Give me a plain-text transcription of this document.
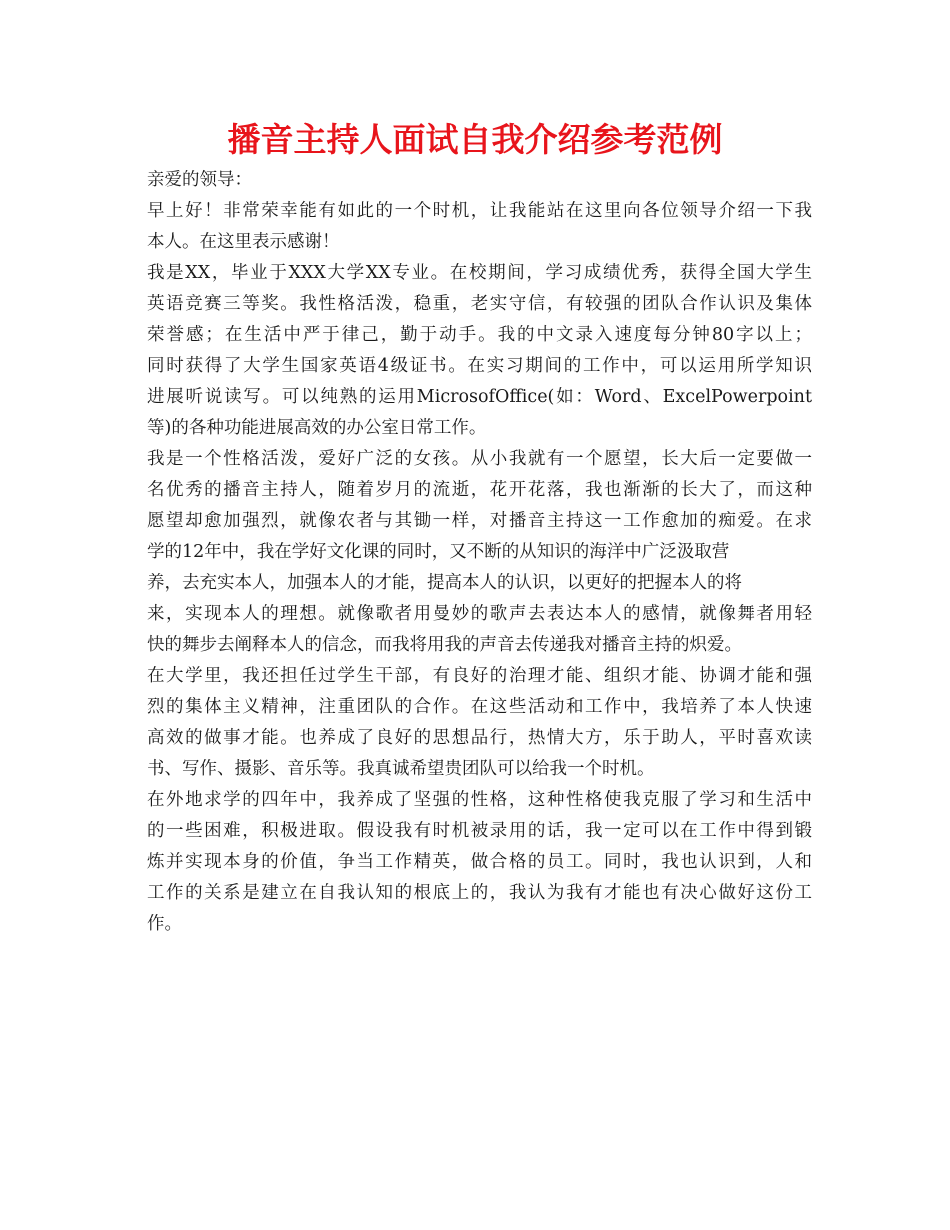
播音主持人面试自我介绍参考范例
亲爱的领导：
早上好！非常荣幸能有如此的一个时机，让我能站在这里向各位领导介绍一下我
本人。在这里表示感谢！
我是XX，毕业于XXX大学XX专业。在校期间，学习成绩优秀，获得全国大学生
英语竞赛三等奖。我性格活泼，稳重，老实守信，有较强的团队合作认识及集体
荣誉感；在生活中严于律己，勤于动手。我的中文录入速度每分钟80字以上；
同时获得了大学生国家英语4级证书。在实习期间的工作中，可以运用所学知识
进展听说读写。可以纯熟的运用MicrosofOffice(如：Word、ExcelPowerpoint
等)的各种功能进展高效的办公室日常工作。
我是一个性格活泼，爱好广泛的女孩。从小我就有一个愿望，长大后一定要做一
名优秀的播音主持人，随着岁月的流逝，花开花落，我也渐渐的长大了，而这种
愿望却愈加强烈，就像农者与其锄一样，对播音主持这一工作愈加的痴爱。在求
学的12年中，我在学好文化课的同时，又不断的从知识的海洋中广泛汲取营
养，去充实本人，加强本人的才能，提高本人的认识，以更好的把握本人的将
来，实现本人的理想。就像歌者用曼妙的歌声去表达本人的感情，就像舞者用轻
快的舞步去阐释本人的信念，而我将用我的声音去传递我对播音主持的炽爱。
在大学里，我还担任过学生干部，有良好的治理才能、组织才能、协调才能和强
烈的集体主义精神，注重团队的合作。在这些活动和工作中，我培养了本人快速
高效的做事才能。也养成了良好的思想品行，热情大方，乐于助人，平时喜欢读
书、写作、摄影、音乐等。我真诚希望贵团队可以给我一个时机。
在外地求学的四年中，我养成了坚强的性格，这种性格使我克服了学习和生活中
的一些困难，积极进取。假设我有时机被录用的话，我一定可以在工作中得到锻
炼并实现本身的价值，争当工作精英，做合格的员工。同时，我也认识到，人和
工作的关系是建立在自我认知的根底上的，我认为我有才能也有决心做好这份工
作。
